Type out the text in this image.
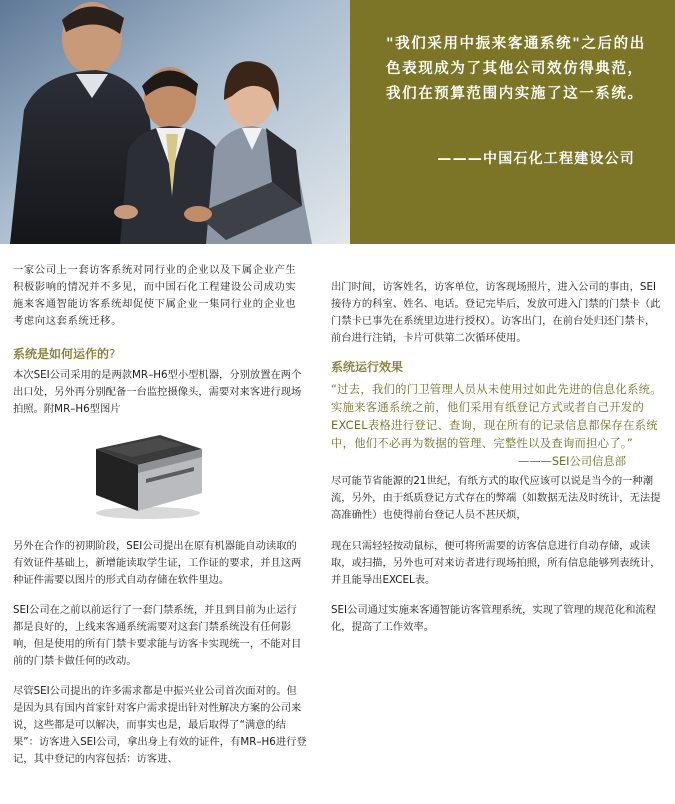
"我们采用中振来客通系统"之后的出色表现成为了其他公司效仿得典范，我们在预算范围内实施了这一系统。
———中国石化工程建设公司

一家公司上一套访客系统对同行业的企业以及下属企业产生积极影响的情况并不多见，而中国石化工程建设公司成功实施来客通智能访客系统却促使下属企业一集同行业的企业也考虑向这套系统迁移。

系统是如何运作的?

本次SEI公司采用的是两款MR–H6型小型机器，分别放置在两个出口处，另外再分别配备一台监控摄像头，需要对来客进行现场拍照。附MR–H6型图片

另外在合作的初期阶段，SEI公司提出在原有机器能自动读取的有效证件基础上，新增能读取学生证，工作证的要求，并且这两种证件需要以图片的形式自动存储在软件里边。

SEI公司在之前以前运行了一套门禁系统，并且到目前为止运行都是良好的，上线来客通系统需要对这套门禁系统没有任何影响，但是使用的所有门禁卡要求能与访客卡实现统一，不能对目前的门禁卡做任何的改动。

尽管SEI公司提出的许多需求都是中振兴业公司首次面对的。但是因为具有国内首家针对客户需求提出针对性解决方案的公司来说，这些都是可以解决，而事实也是，最后取得了“满意的结果”：访客进入SEI公司，拿出身上有效的证件，有MR–H6进行登记，其中登记的内容包括：访客进、

出门时间，访客姓名，访客单位，访客现场照片，进入公司的事由，SEI接待方的科室、姓名、电话。登记完毕后，发放可进入门禁的门禁卡（此门禁卡已事先在系统里边进行授权）。访客出门，在前台处归还门禁卡，前台进行注销，卡片可供第二次循环使用。

系统运行效果

“过去，我们的门卫管理人员从未使用过如此先进的信息化系统。实施来客通系统之前，他们采用有纸登记方式或者自己开发的EXCEL表格进行登记、查询，现在所有的记录信息都保存在系统中，他们不必再为数据的管理、完整性以及查询而担心了。”

———SEI公司信息部

尽可能节省能源的21世纪，有纸方式的取代应该可以说是当今的一种潮流，另外，由于纸质登记方式存在的弊端（如数据无法及时统计，无法提高准确性）也使得前台登记人员不甚厌烦，

现在只需轻轻按动鼠标，便可将所需要的访客信息进行自动存储，或读取，或扫描，另外也可对来访者进行现场拍照，所有信息能够列表统计，并且能导出EXCEL表。

SEI公司通过实施来客通智能访客管理系统，实现了管理的规范化和流程化，提高了工作效率。
